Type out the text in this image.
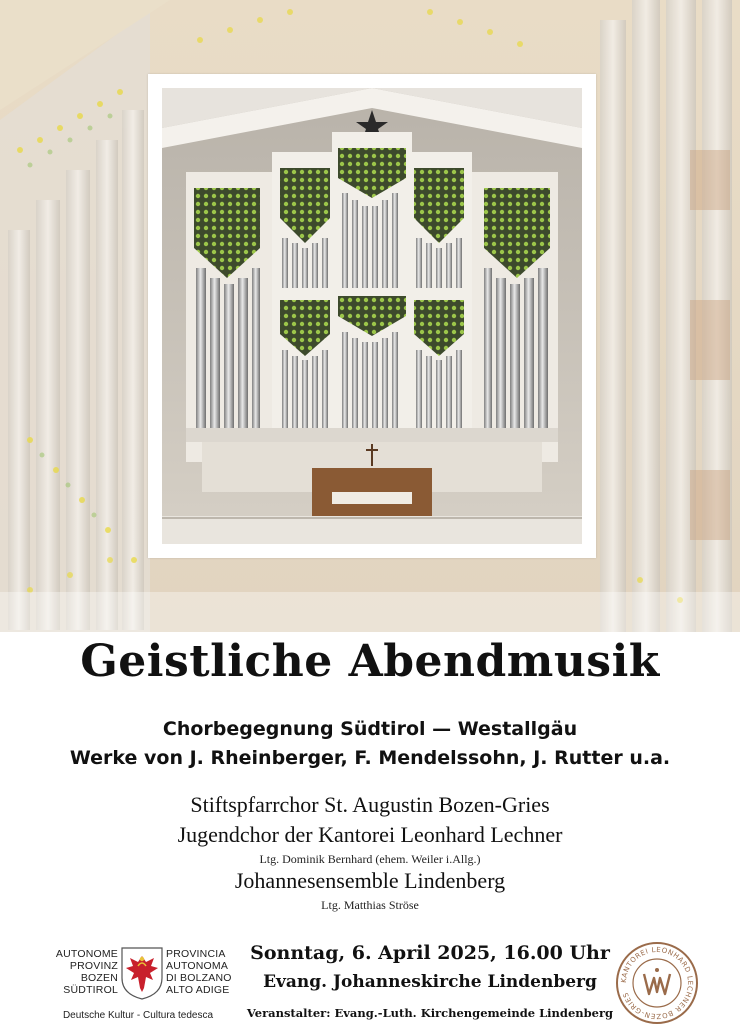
Geistliche Abendmusik
Chorbegegnung Südtirol — Westallgäu
Werke von J. Rheinberger, F. Mendelssohn, J. Rutter u.a.
Stiftspfarrchor St. Augustin Bozen-Gries
Jugendchor der Kantorei Leonhard Lechner
Ltg. Dominik Bernhard (ehem. Weiler i.Allg.)
Johannesensemble Lindenberg
Ltg. Matthias Ströse
AUTONOME
PROVINZ
BOZEN
SÜDTIROL
PROVINCIA
AUTONOMA
DI BOLZANO
ALTO ADIGE
Deutsche Kultur - Cultura tedesca
Sonntag, 6. April 2025, 16.00 Uhr
Evang. Johanneskirche Lindenberg
Veranstalter: Evang.-Luth. Kirchengemeinde Lindenberg
KANTOREI LEONHARD LECHNER BOZEN-GRIES
